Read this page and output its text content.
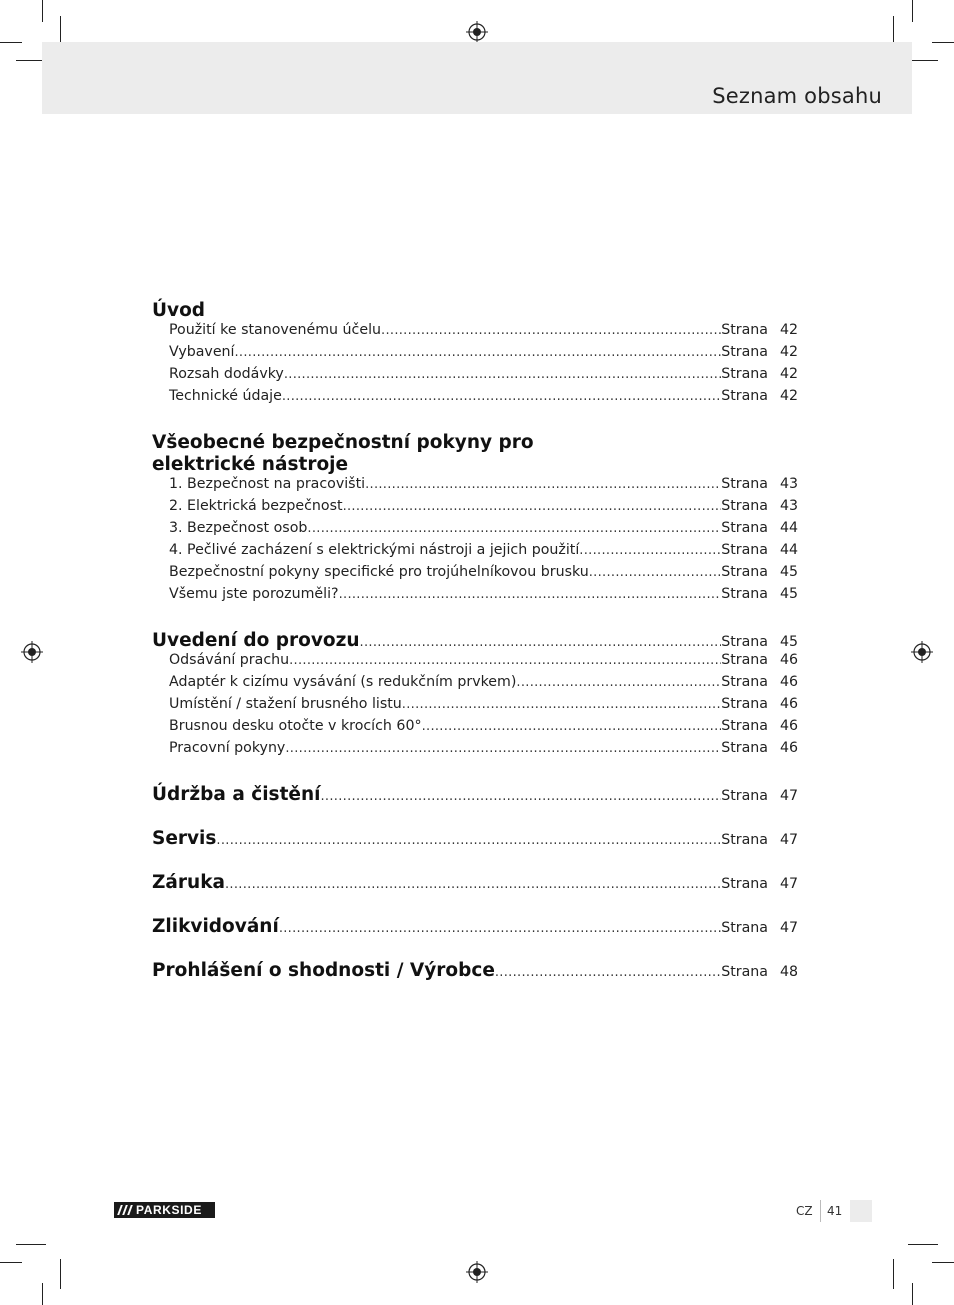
Seznam obsahu
Úvod
Použití ke stanovenému účelu .....	Strana 42
Vybavení .....	Strana 42
Rozsah dodávky .....	Strana 42
Technické údaje .....	Strana 42
Všeobecné bezpečnostní pokyny pro elektrické nástroje
1. Bezpečnost na pracovišti .....	Strana 43
2. Elektrická bezpečnost .....	Strana 43
3. Bezpečnost osob .....	Strana 44
4. Pečlivé zacházení s elektrickými nástroji a jejich použití .....	Strana 44
Bezpečnostní pokyny specifické pro trojúhelníkovou brusku .....	Strana 45
Všemu jste porozuměli? .....	Strana 45
Uvedení do provozu .....	Strana 45
Odsávání prachu .....	Strana 46
Adaptér k cizímu vysávání (s redukčním prvkem) .....	Strana 46
Umístění / stažení brusného listu .....	Strana 46
Brusnou desku otočte v krocích 60° .....	Strana 46
Pracovní pokyny .....	Strana 46
Údržba a čistění .....	Strana 47
Servis .....	Strana 47
Záruka .....	Strana 47
Zlikvidování .....	Strana 47
Prohlášení o shodnosti / Výrobce .....	Strana 48
PARKSIDE	CZ 41
